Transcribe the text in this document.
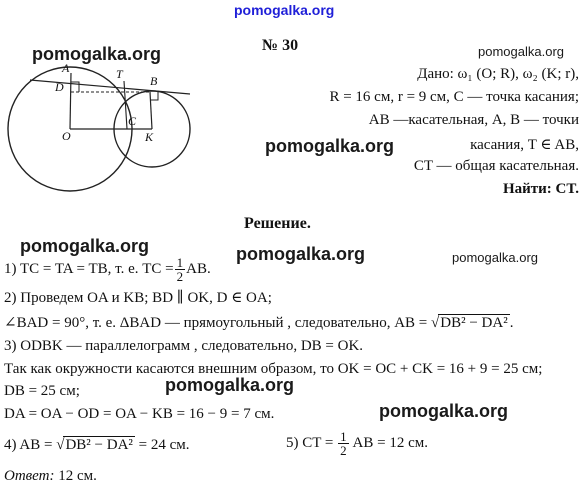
pomogalka.org
pomogalka.org	pomogalka.org
pomogalka.org
pomogalka.org	pomogalka.org	pomogalka.org
pomogalka.org
pomogalka.org
№ 30
A	T B
D
O
C
K
Дано: ω₁ (O; R), ω₂ (K; r),
R = 16 см, r = 9 см, C — точка касания;
AB —касательная, A, B — точки
касания, T ∈ AB,
CT — общая касательная.
Найти: CT.
Решение.
1) TC = TA = TB, т. е. TC = $\frac{1}{2}$ AB.
2) Проведем OA и KB; BD ∥ OK, D ∈ OA;
∠BAD = 90°, т. е. ΔBAD — прямоугольный , следовательно, AB = √DB² − DA² .
3) ODBK — параллелограмм , следовательно, DB = OK.
Так как окружности касаются внешним образом, то OK = OC + CK = 16 + 9 = 25 см;
DB = 25 см;
DA = OA − OD = OA − KB = 16 − 9 = 7 см.
4) AB = √DB² − DA² = 24 см.	5) CT = $\frac{1}{2}$ AB = 12 см.
Ответ: 12 см.
